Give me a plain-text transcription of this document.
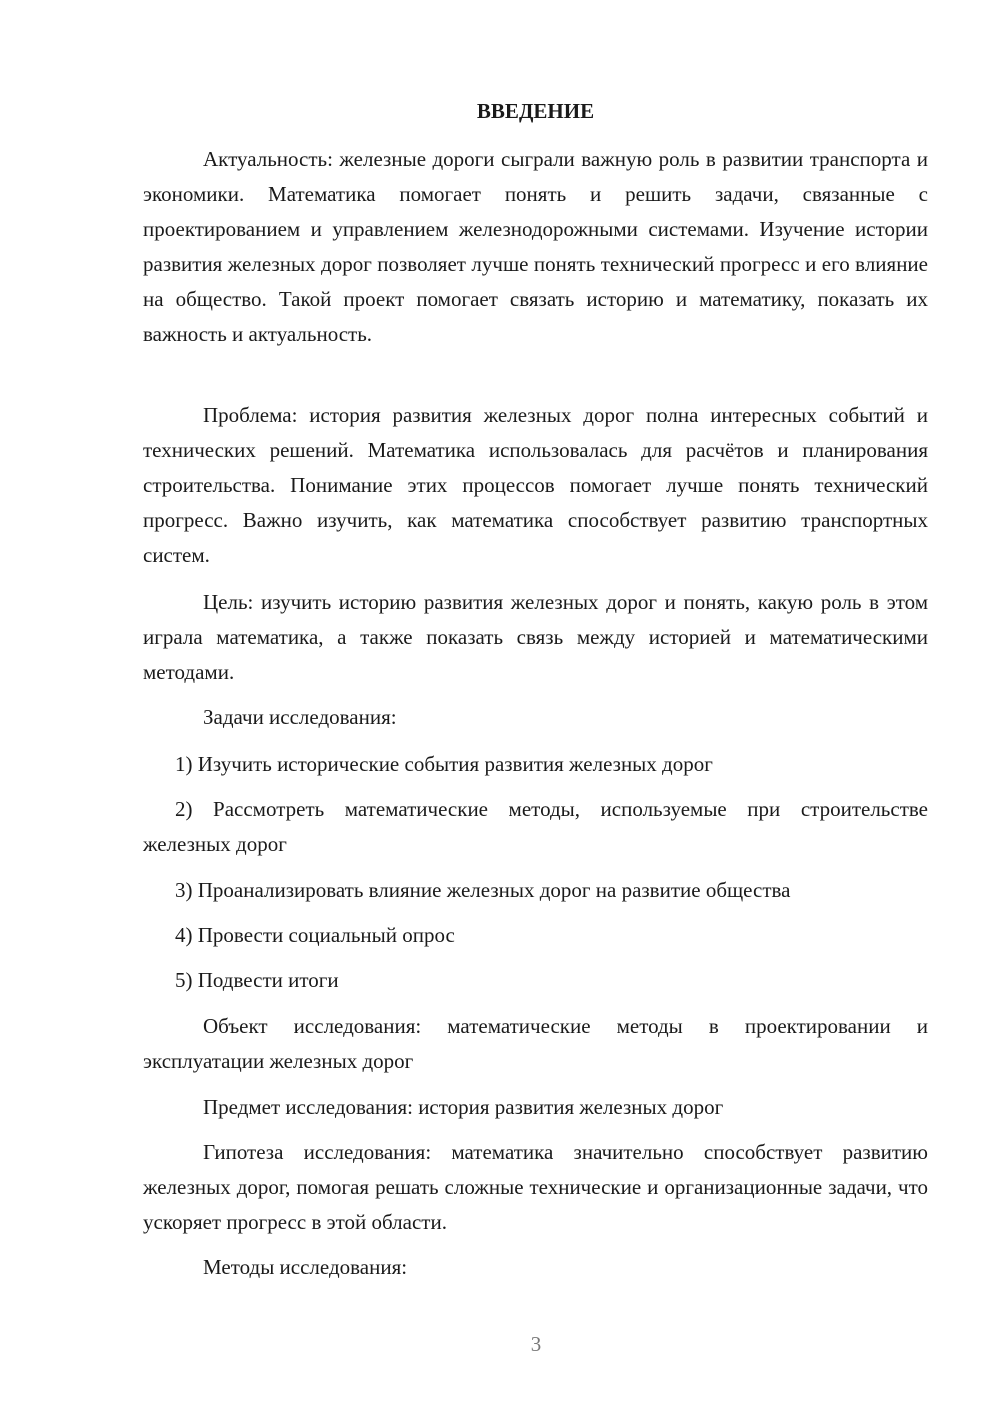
ВВЕДЕНИЕ

Актуальность: железные дороги сыграли важную роль в развитии транспорта и экономики. Математика помогает понять и решить задачи, связанные с проектированием и управлением железнодорожными системами. Изучение истории развития железных дорог позволяет лучше понять технический прогресс и его влияние на общество. Такой проект помогает связать историю и математику, показать их важность и актуальность.

Проблема: история развития железных дорог полна интересных событий и технических решений. Математика использовалась для расчётов и планирования строительства. Понимание этих процессов помогает лучше понять технический прогресс. Важно изучить, как математика способствует развитию транспортных систем.

Цель: изучить историю развития железных дорог и понять, какую роль в этом играла математика, а также показать связь между историей и математическими методами.

Задачи исследования:

1) Изучить исторические события развития железных дорог

2) Рассмотреть математические методы, используемые при строительстве железных дорог

3) Проанализировать влияние железных дорог на развитие общества

4) Провести социальный опрос

5) Подвести итоги

Объект исследования: математические методы в проектировании и эксплуатации железных дорог

Предмет исследования: история развития железных дорог

Гипотеза исследования: математика значительно способствует развитию железных дорог, помогая решать сложные технические и организационные задачи, что ускоряет прогресс в этой области.

Методы исследования:

3
